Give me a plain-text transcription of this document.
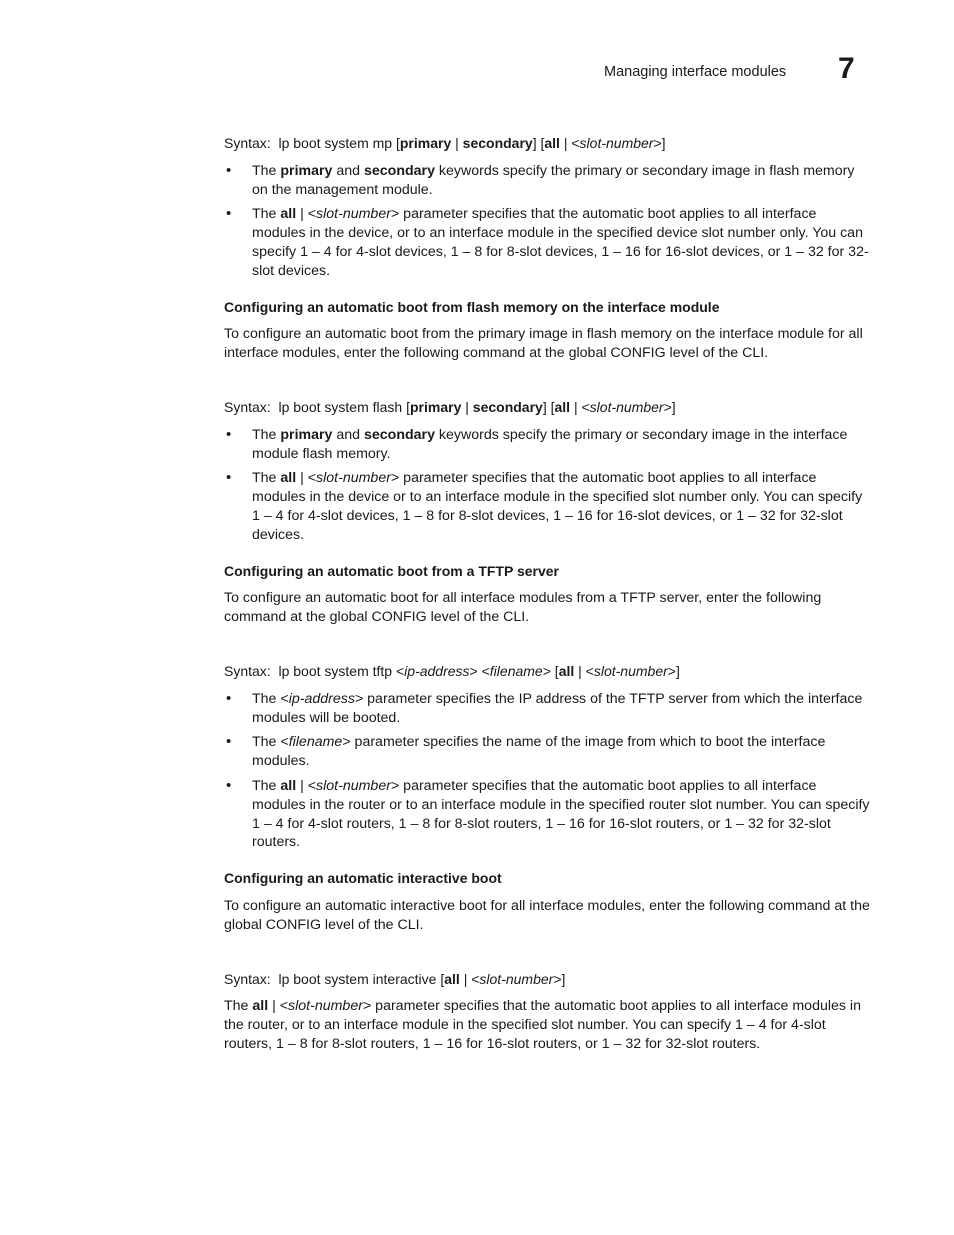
Managing interface modules 7

Syntax: lp boot system mp [primary | secondary] [all | <slot-number>]

• The primary and secondary keywords specify the primary or secondary image in flash memory on the management module.
• The all | <slot-number> parameter specifies that the automatic boot applies to all interface modules in the device, or to an interface module in the specified device slot number only. You can specify 1 – 4 for 4-slot devices, 1 – 8 for 8-slot devices, 1 – 16 for 16-slot devices, or 1 – 32 for 32-slot devices.

Configuring an automatic boot from flash memory on the interface module

To configure an automatic boot from the primary image in flash memory on the interface module for all interface modules, enter the following command at the global CONFIG level of the CLI.

Syntax: lp boot system flash [primary | secondary] [all | <slot-number>]

• The primary and secondary keywords specify the primary or secondary image in the interface module flash memory.
• The all | <slot-number> parameter specifies that the automatic boot applies to all interface modules in the device or to an interface module in the specified slot number only. You can specify 1 – 4 for 4-slot devices, 1 – 8 for 8-slot devices, 1 – 16 for 16-slot devices, or 1 – 32 for 32-slot devices.

Configuring an automatic boot from a TFTP server

To configure an automatic boot for all interface modules from a TFTP server, enter the following command at the global CONFIG level of the CLI.

Syntax: lp boot system tftp <ip-address> <filename> [all | <slot-number>]

• The <ip-address> parameter specifies the IP address of the TFTP server from which the interface modules will be booted.
• The <filename> parameter specifies the name of the image from which to boot the interface modules.
• The all | <slot-number> parameter specifies that the automatic boot applies to all interface modules in the router or to an interface module in the specified router slot number. You can specify 1 – 4 for 4-slot routers, 1 – 8 for 8-slot routers, 1 – 16 for 16-slot routers, or 1 – 32 for 32-slot routers.

Configuring an automatic interactive boot

To configure an automatic interactive boot for all interface modules, enter the following command at the global CONFIG level of the CLI.

Syntax: lp boot system interactive [all | <slot-number>]

The all | <slot-number> parameter specifies that the automatic boot applies to all interface modules in the router, or to an interface module in the specified slot number. You can specify 1 – 4 for 4-slot routers, 1 – 8 for 8-slot routers, 1 – 16 for 16-slot routers, or 1 – 32 for 32-slot routers.
